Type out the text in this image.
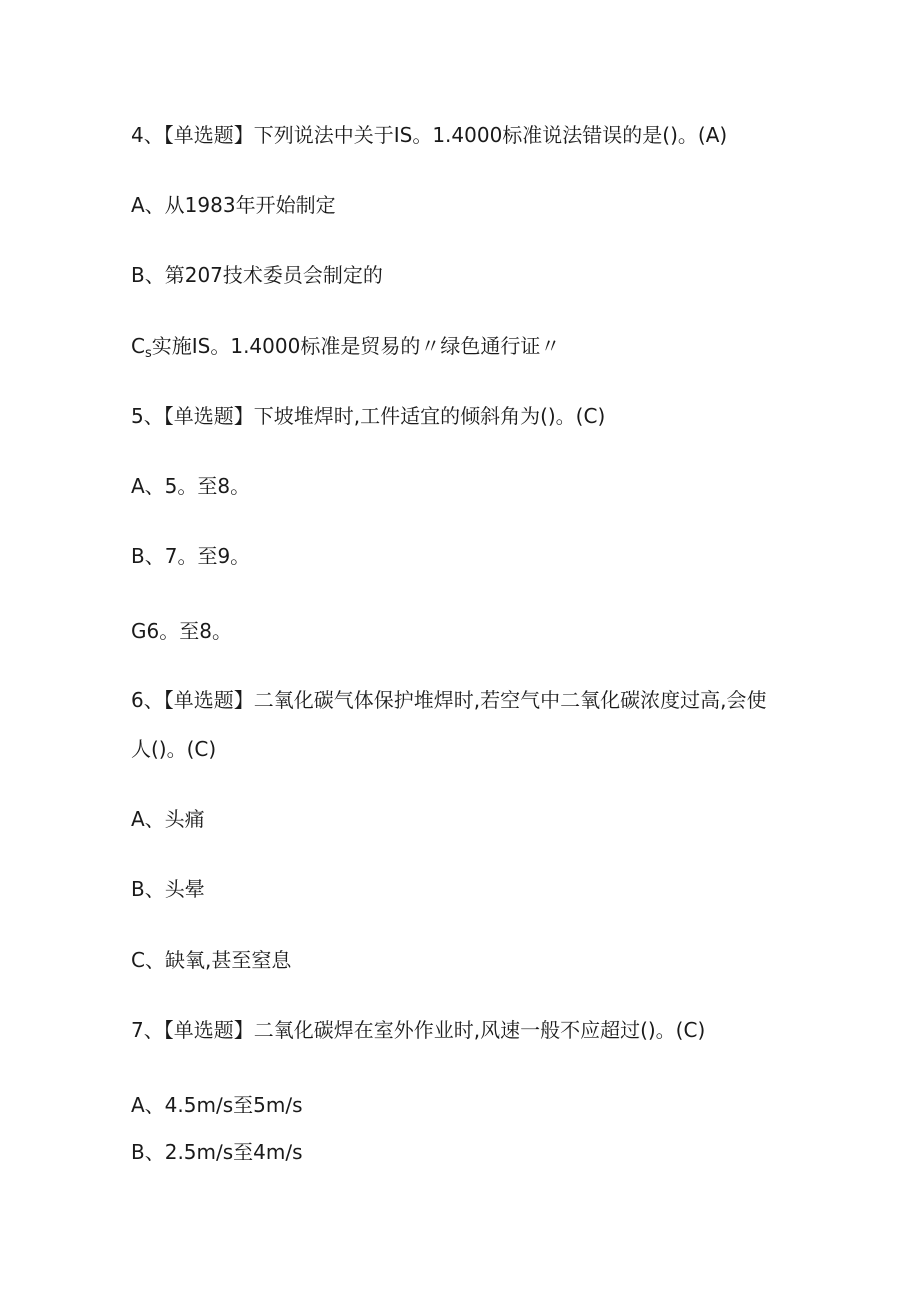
4、【单选题】下列说法中关于IS。1.4000标准说法错误的是()。(A)
A、从1983年开始制定
B、第207技术委员会制定的
$C_s$实施IS。1.4000标准是贸易的〃绿色通行证〃
5、【单选题】下坡堆焊时,工件适宜的倾斜角为()。(C)
A、5。至8。
B、7。至9。
G6。至8。
6、【单选题】二氧化碳气体保护堆焊时,若空气中二氧化碳浓度过高,会使
人()。(C)
A、头痛
B、头晕
C、缺氧,甚至窒息
7、【单选题】二氧化碳焊在室外作业时,风速一般不应超过()。(C)
A、4.5m∕s至5m∕s
B、2.5m∕s至4m∕s
